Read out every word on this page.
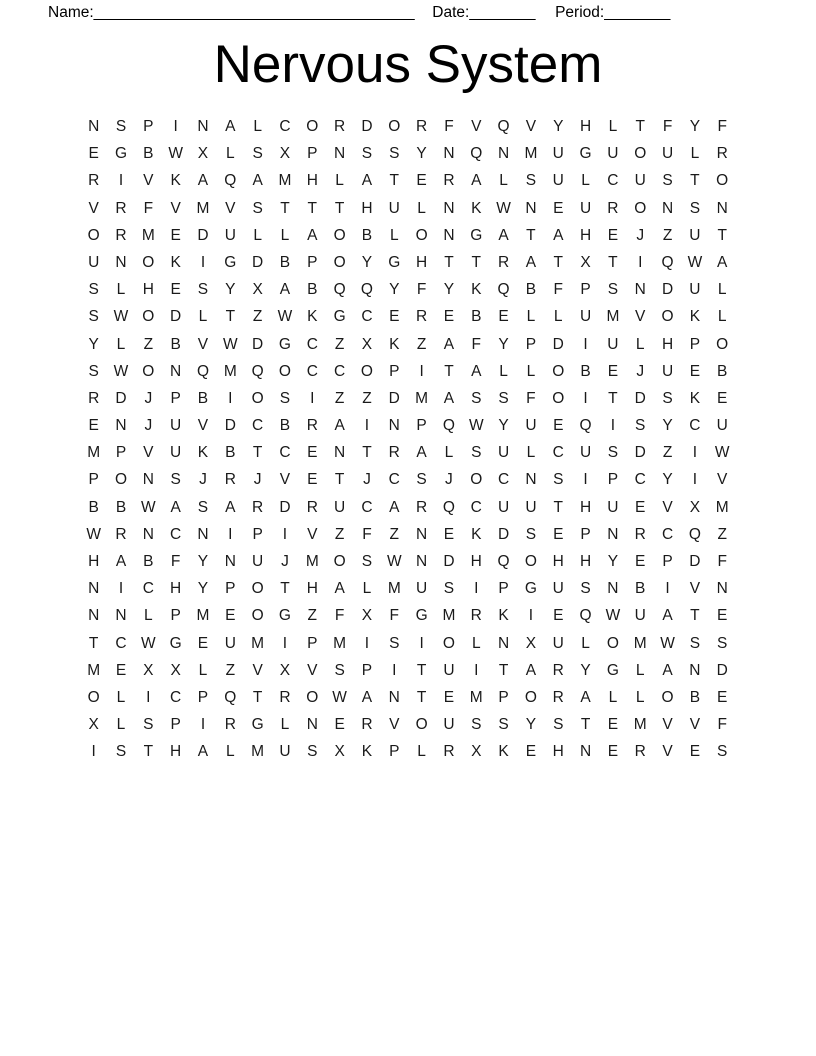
Name: _______________________________________ Date: ________ Period: ________
Nervous System
N	S	P	I	N	A	L	C	O	R	D	O	R	F	V	Q	V	Y	H	L	T	F	Y	F
E	G	B W X	L	S	X	P	N	S	S	Y	N	Q	N M U	G	U	O	U	L	R
R	I	V	K	A	Q	A	M H	L	A	T	E	R	A	L	S	U	L	C	U	S	T	O
V	R	F	V	M	V	S	T	T	T	H	U	L	N	K W N	E	U	R	O	N	S	N
O	R M	E	D	U	L	L	A	O	B	L	O	N	G	A	T	A	H	E	J	Z	U	T
U	N	O	K	I	G	D	B	P	O	Y	G	H	T	T	R	A	T	X	T	I	Q W A
S	L	H	E	S	Y	X	A	B	Q Q	Y	F	Y	K	Q	B	F	P	S	N	D	U	L
S W O	D	L	T	Z W K	G	C	E	R	E	B	E	L	L	U M	V	O	K	L
Y	L	Z	B	V W D	G	C	Z	X	K	Z	A	F	Y	P	D	I	U	L	H	P	O
S W O	N	Q M Q O	C	C	O	P	I	T	A	L	L	O	B	E	J	U	E	B
R	D	J	P	B	I	O	S	I	Z	Z	D M	A	S	S	F	O	I	T	D	S	K	E
E	N	J	U	V	D	C	B	R	A	I	N	P	Q W Y	U	E	Q	I	S	Y	C	U
M	P	V	U	K	B	T	C	E	N	T	R	A	L	S	U	L	C	U	S	D	Z	I	W
P	O	N	S	J	R	J	V	E	T	J	C	S	J	O	C	N	S	I	P	C	Y	I	V
B	B W A	S	A	R	D	R	U	C	A	R	Q	C	U	U	T	H	U	E	V	X	M
W R	N	C	N	I	P	I	V	Z	F	Z	N	E	K	D	S	E	P	N	R	C	Q	Z
H	A	B	F	Y	N	U	J	M O	S W N	D	H	Q O	H	H	Y	E	P	D	F
N	I	C	H	Y	P	O	T	H	A	L	M U	S	I	P	G	U	S	N	B	I	V	N
N	N	L	P	M	E	O G	Z	F	X	F	G M R	K	I	E	Q W U	A	T	E
T	C W G	E	U M	I	P	M	I	S	I	O	L	N	X	U	L	O M W S	S
M	E	X	X	L	Z	V	X	V	S	P	I	T	U	I	T	A	R	Y	G	L	A	N	D
O	L	I	C	P	Q	T	R	O W A	N	T	E	M	P	O	R	A	L	L	O	B	E
X	L	S	P	I	R	G	L	N	E	R	V	O	U	S	S	Y	S	T	E	M	V	V	F
I	S	T	H	A	L	M U	S	X	K	P	L	R	X	K	E	H	N	E	R	V	E	S
